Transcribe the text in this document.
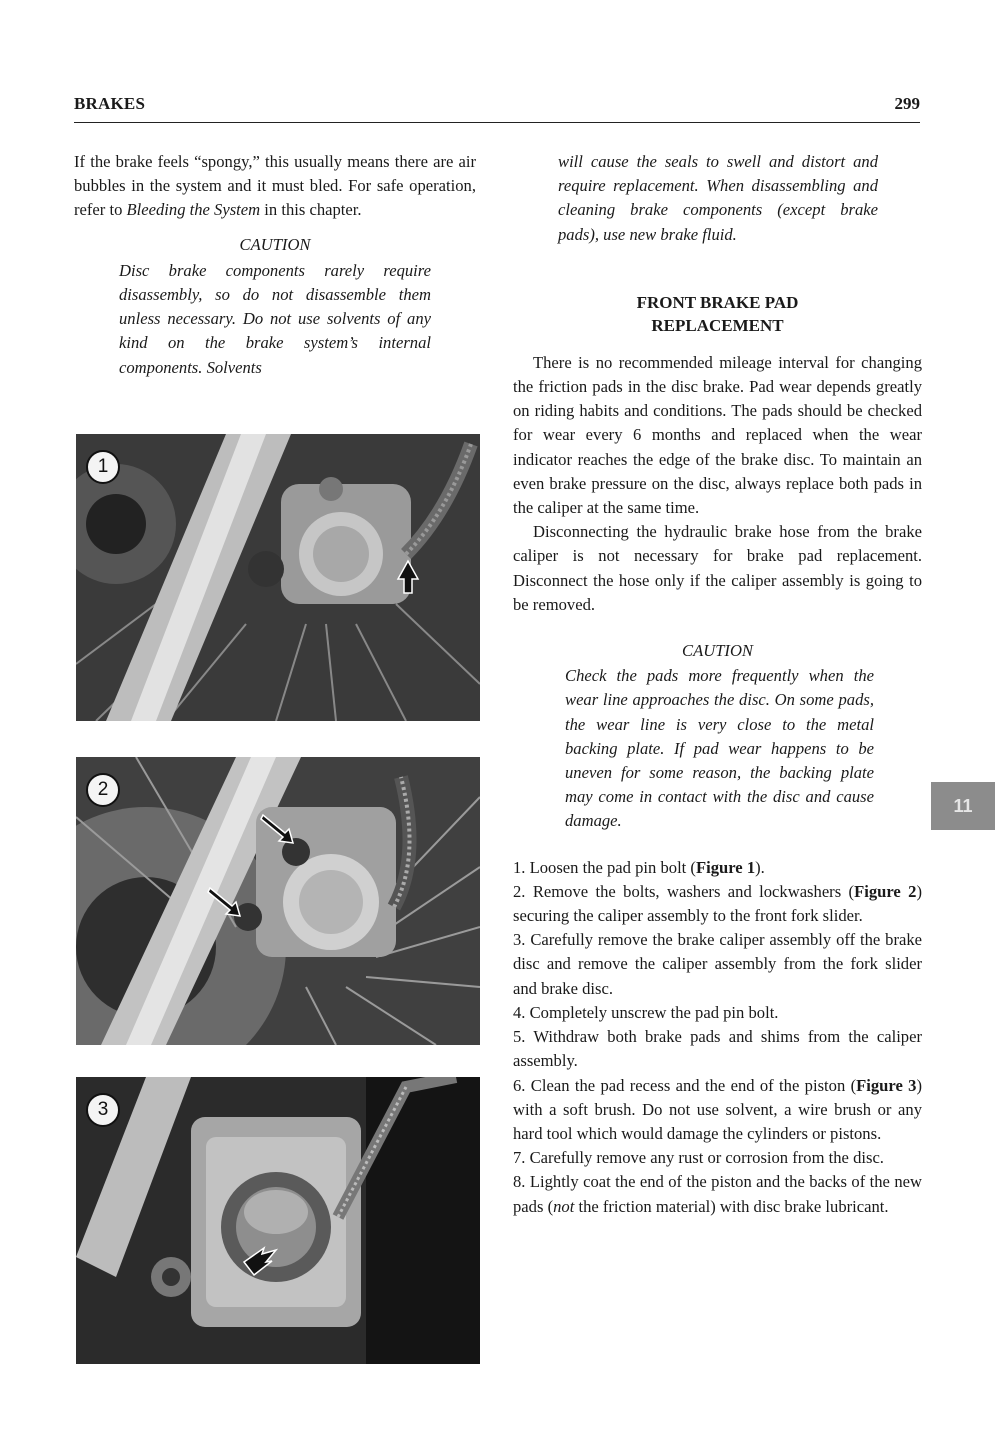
BRAKES	299

If the brake feels “spongy,” this usually means there are air bubbles in the system and it must bled. For safe operation, refer to Bleeding the System in this chapter.

CAUTION
Disc brake components rarely require disassembly, so do not disassemble them unless necessary. Do not use solvents of any kind on the brake system’s internal components. Solvents
1
2
3
will cause the seals to swell and distort and require replacement. When disassembling and cleaning brake components (except brake pads), use new brake fluid.
FRONT BRAKE PAD
REPLACEMENT

There is no recommended mileage interval for changing the friction pads in the disc brake. Pad wear depends greatly on riding habits and conditions. The pads should be checked for wear every 6 months and replaced when the wear indicator reaches the edge of the brake disc. To maintain an even brake pressure on the disc, always replace both pads in the caliper at the same time.

Disconnecting the hydraulic brake hose from the brake caliper is not necessary for brake pad replacement. Disconnect the hose only if the caliper assembly is going to be removed.

CAUTION
Check the pads more frequently when the wear line approaches the disc. On some pads, the wear line is very close to the metal backing plate. If pad wear happens to be uneven for some reason, the backing plate may come in contact with the disc and cause damage.

1. Loosen the pad pin bolt (Figure 1).

2. Remove the bolts, washers and lockwashers (Figure 2) securing the caliper assembly to the front fork slider.

3. Carefully remove the brake caliper assembly off the brake disc and remove the caliper assembly from the fork slider and brake disc.

4. Completely unscrew the pad pin bolt.

5. Withdraw both brake pads and shims from the caliper assembly.

6. Clean the pad recess and the end of the piston (Figure 3) with a soft brush. Do not use solvent, a wire brush or any hard tool which would damage the cylinders or pistons.

7. Carefully remove any rust or corrosion from the disc.

8. Lightly coat the end of the piston and the backs of the new pads (not the friction material) with disc brake lubricant.

11
